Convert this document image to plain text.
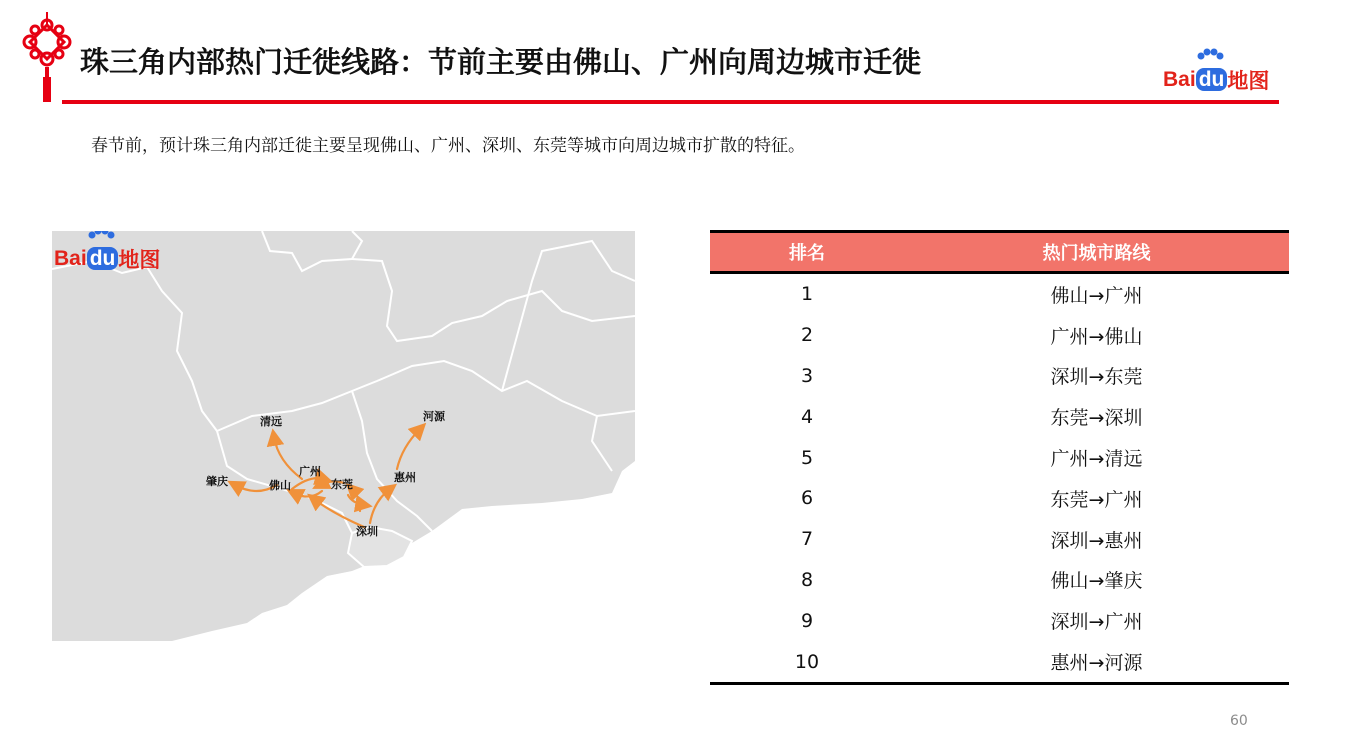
珠三角内部热门迁徙线路：节前主要由佛山、广州向周边城市迁徙
Bai du 地图
春节前，预计珠三角内部迁徙主要呈现佛山、广州、深圳、东莞等城市向周边城市扩散的特征。
Bai du 地图
清远	河源
广州
肇庆	佛山	东莞
惠州
深圳
排名	热门城市路线
1	佛山→广州
2	广州→佛山
3	深圳→东莞
4	东莞→深圳
5	广州→清远
6	东莞→广州
7	深圳→惠州
8	佛山→肇庆
9	深圳→广州
10	惠州→河源
60
